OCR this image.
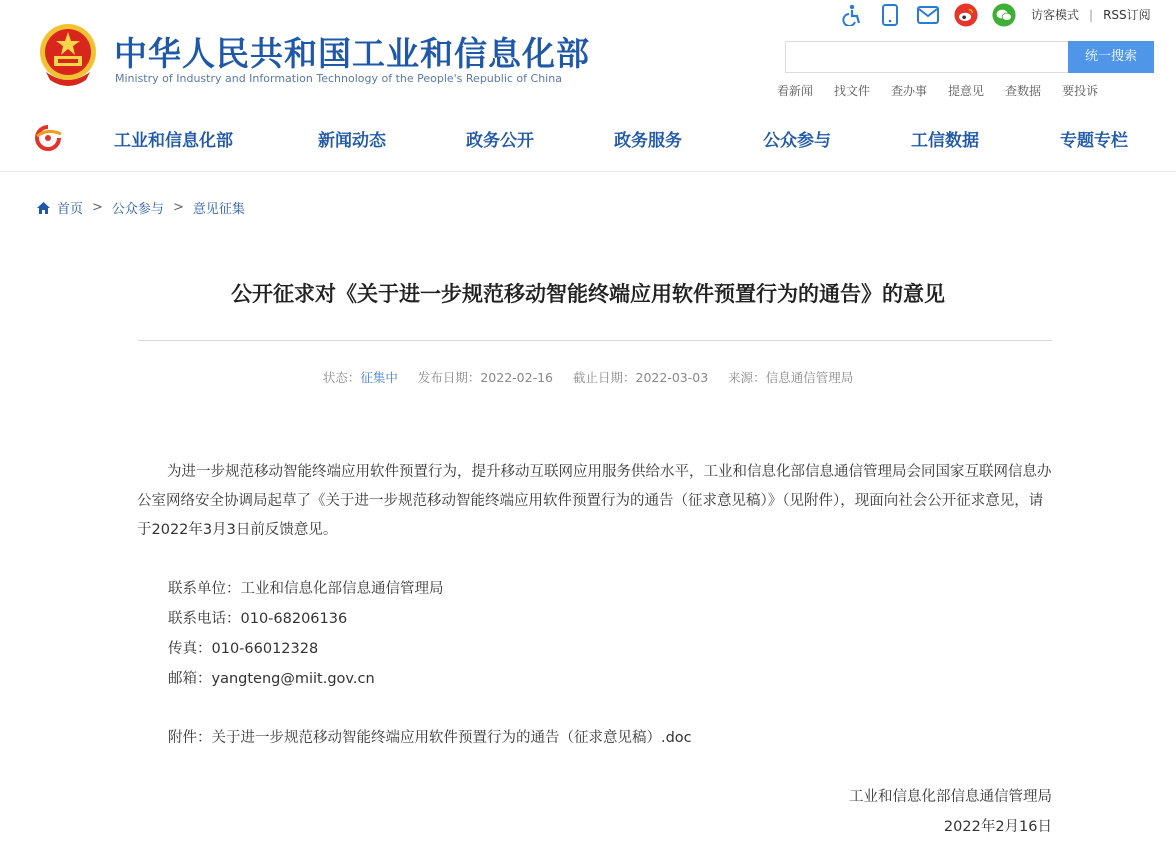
中华人民共和国工业和信息化部
Ministry of Industry and Information Technology of the People's Republic of China
访客模式 | RSS订阅
统一搜索
看新闻 找文件 查办事 提意见 查数据 要投诉
工业和信息化部	新闻动态	政务公开	政务服务	公众参与	工信数据	专题专栏
首页 > 公众参与 > 意见征集
公开征求对《关于进一步规范移动智能终端应用软件预置行为的通告》的意见
状态：征集中 发布日期：2022-02-16 截止日期：2022-03-03 来源：信息通信管理局
为进一步规范移动智能终端应用软件预置行为，提升移动互联网应用服务供给水平，工业和信息化部信息通信管理局会同国家互联网信息办公室网络安全协调局起草了《关于进一步规范移动智能终端应用软件预置行为的通告（征求意见稿）》（见附件），现面向社会公开征求意见，请于2022年3月3日前反馈意见。
联系单位：工业和信息化部信息通信管理局
联系电话：010-68206136
传真：010-66012328
邮箱：yangteng@miit.gov.cn
附件：关于进一步规范移动智能终端应用软件预置行为的通告（征求意见稿）.doc
工业和信息化部信息通信管理局
2022年2月16日
